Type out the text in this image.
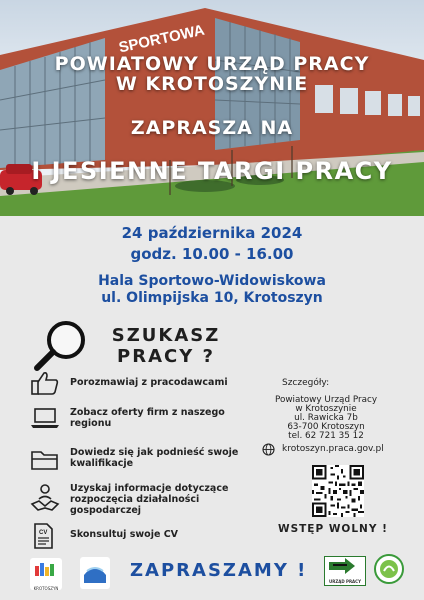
SPORTOWA
POWIATOWY URZĄD PRACY
W KROTOSZYNIE
ZAPRASZA NA
I JESIENNE TARGI PRACY
24 października 2024
godz. 10.00 - 16.00
Hala Sportowo-Widowiskowa
ul. Olimpijska 10, Krotoszyn
SZUKASZ
PRACY ?
Porozmawiaj z pracodawcami
Zobacz oferty firm z naszego regionu
Dowiedz się jak podnieść swoje kwalifikacje
Uzyskaj informacje dotyczące rozpoczęcia działalności gospodarczej
CV Skonsultuj swoje CV
Szczegóły:
Powiatowy Urząd Pracy
w Krotoszynie
ul. Rawicka 7b
63-700 Krotoszyn
tel. 62 721 35 12
krotoszyn.praca.gov.pl
WSTĘP WOLNY !
KROTOSZYN
ZAPRASZAMY !
URZĄD PRACY
